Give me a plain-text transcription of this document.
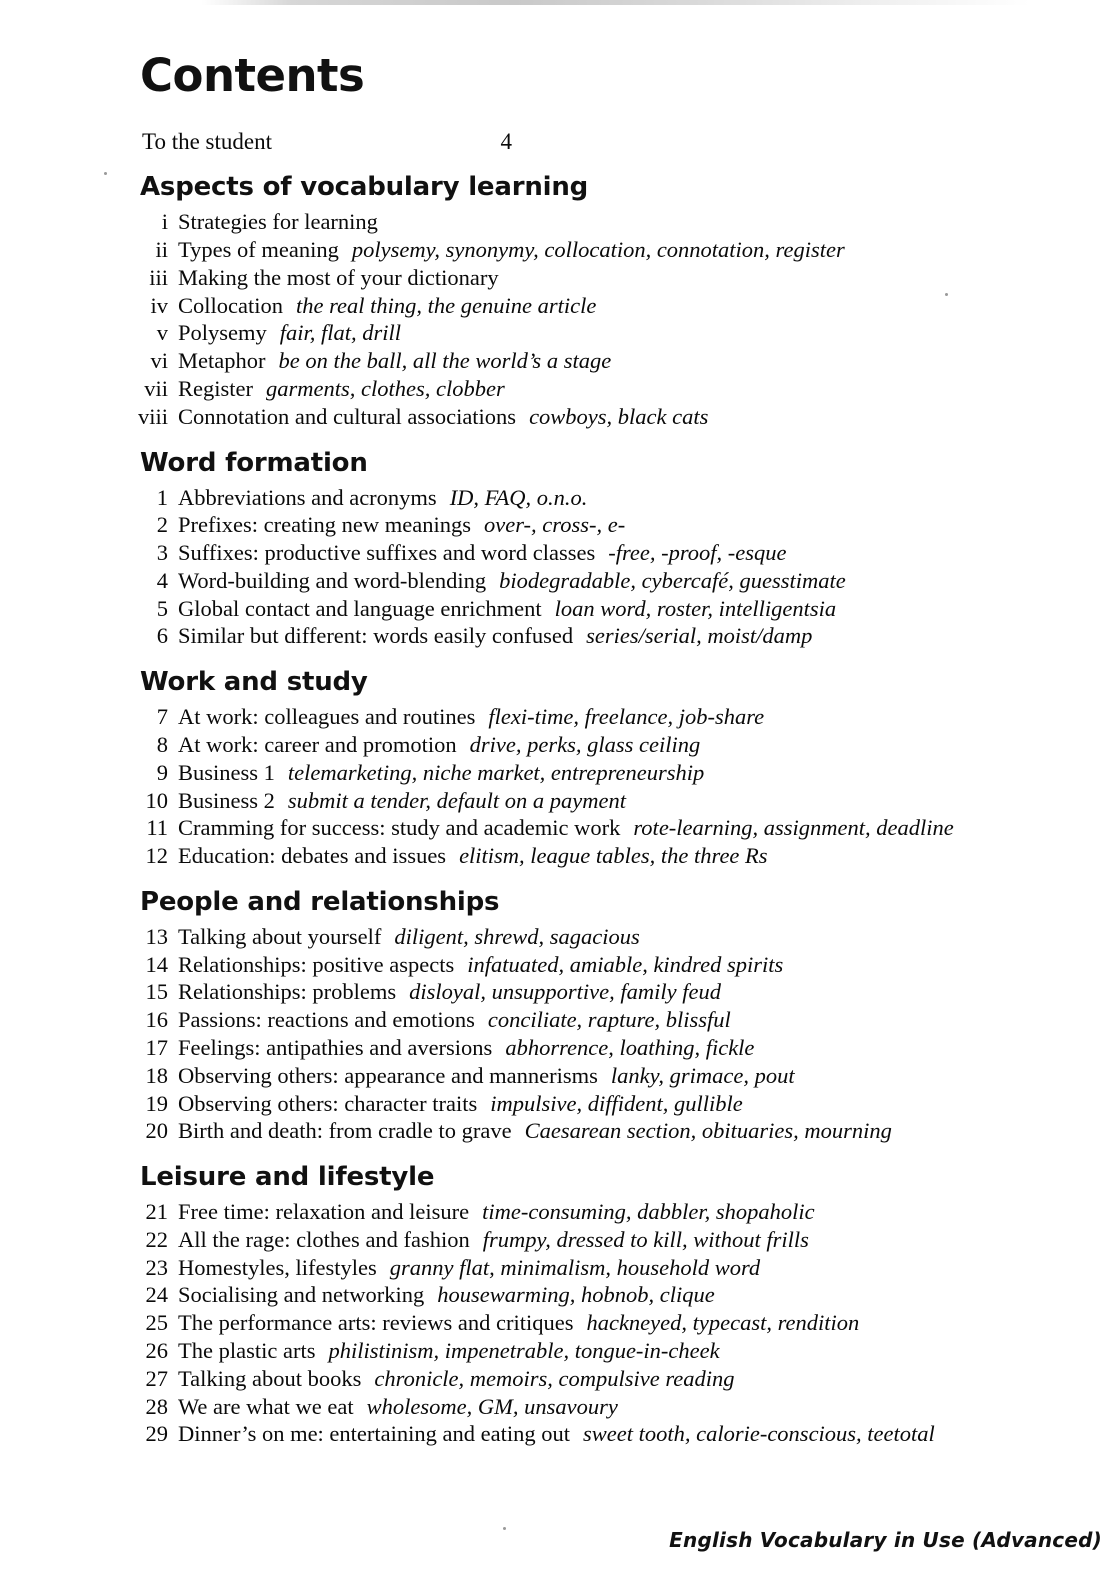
Contents
To the student	4
Aspects of vocabulary learning
i Strategies for learning
ii Types of meaning polysemy, synonymy, collocation, connotation, register
iii Making the most of your dictionary
iv Collocation the real thing, the genuine article
v Polysemy fair, flat, drill
vi Metaphor be on the ball, all the world’s a stage
vii Register garments, clothes, clobber
viii Connotation and cultural associations cowboys, black cats
Word formation
1 Abbreviations and acronyms ID, FAQ, o.n.o.
2 Prefixes: creating new meanings over-, cross-, e-
3 Suffixes: productive suffixes and word classes -free, -proof, -esque
4 Word-building and word-blending biodegradable, cybercafé, guesstimate
5 Global contact and language enrichment loan word, roster, intelligentsia
6 Similar but different: words easily confused series/serial, moist/damp
Work and study
7 At work: colleagues and routines flexi-time, freelance, job-share
8 At work: career and promotion drive, perks, glass ceiling
9 Business 1 telemarketing, niche market, entrepreneurship
10 Business 2 submit a tender, default on a payment
11 Cramming for success: study and academic work rote-learning, assignment, deadline
12 Education: debates and issues elitism, league tables, the three Rs
People and relationships
13 Talking about yourself diligent, shrewd, sagacious
14 Relationships: positive aspects infatuated, amiable, kindred spirits
15 Relationships: problems disloyal, unsupportive, family feud
16 Passions: reactions and emotions conciliate, rapture, blissful
17 Feelings: antipathies and aversions abhorrence, loathing, fickle
18 Observing others: appearance and mannerisms lanky, grimace, pout
19 Observing others: character traits impulsive, diffident, gullible
20 Birth and death: from cradle to grave Caesarean section, obituaries, mourning
Leisure and lifestyle
21 Free time: relaxation and leisure time-consuming, dabbler, shopaholic
22 All the rage: clothes and fashion frumpy, dressed to kill, without frills
23 Homestyles, lifestyles granny flat, minimalism, household word
24 Socialising and networking housewarming, hobnob, clique
25 The performance arts: reviews and critiques hackneyed, typecast, rendition
26 The plastic arts philistinism, impenetrable, tongue-in-cheek
27 Talking about books chronicle, memoirs, compulsive reading
28 We are what we eat wholesome, GM, unsavoury
29 Dinner’s on me: entertaining and eating out sweet tooth, calorie-conscious, teetotal
English Vocabulary in Use (Advanced)
